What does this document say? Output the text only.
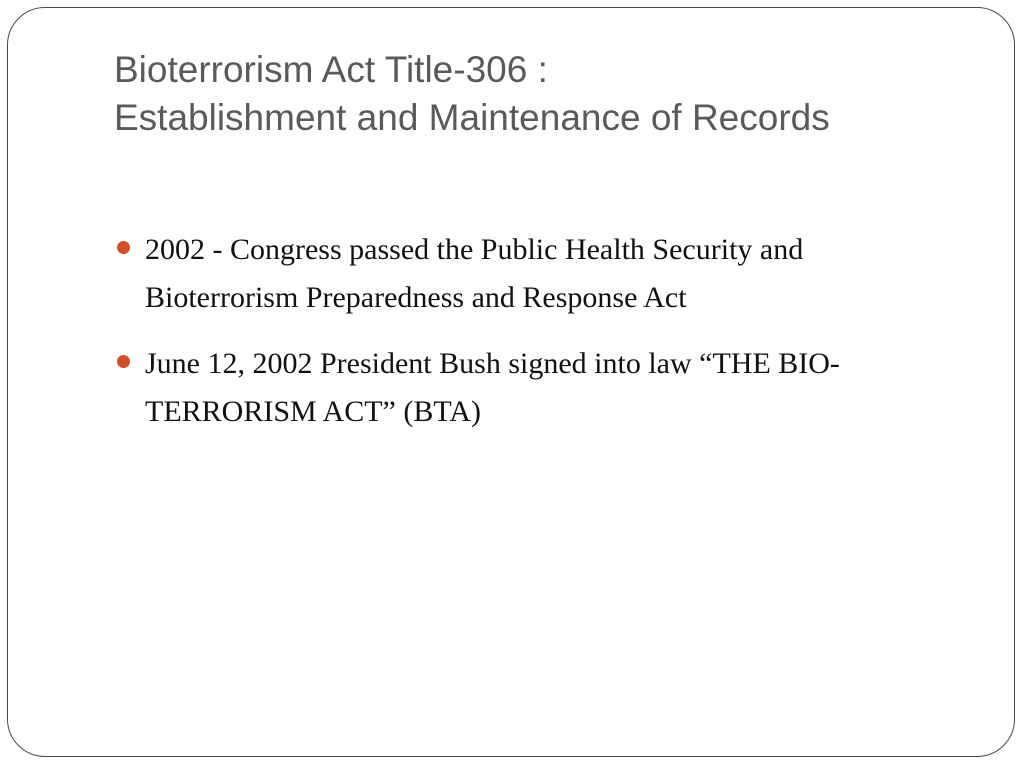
Bioterrorism Act Title-306 :
Establishment and Maintenance of Records
2002 - Congress passed the Public Health Security and
Bioterrorism Preparedness and Response Act
June 12, 2002 President Bush signed into law “THE BIO-
TERRORISM ACT” (BTA)
